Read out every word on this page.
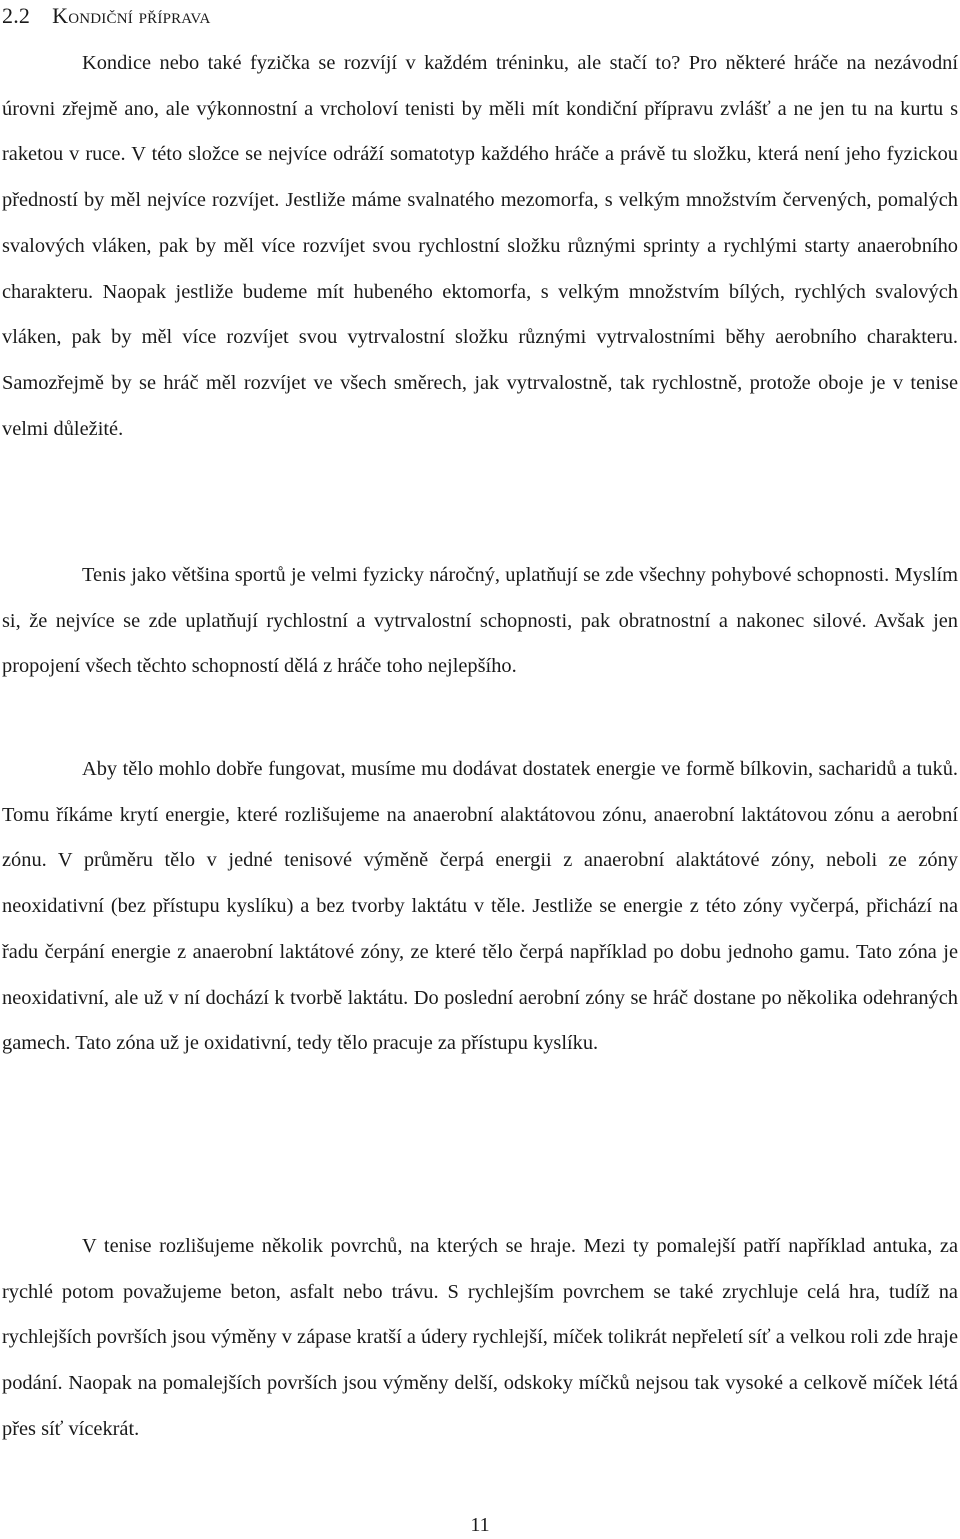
2.2 Kondiční příprava

Kondice nebo také fyzička se rozvíjí v každém tréninku, ale stačí to? Pro některé hráče na nezávodní úrovni zřejmě ano, ale výkonnostní a vrcholoví tenisti by měli mít kondiční přípravu zvlášť a ne jen tu na kurtu s raketou v ruce. V této složce se nejvíce odráží somatotyp každého hráče a právě tu složku, která není jeho fyzickou předností by měl nejvíce rozvíjet. Jestliže máme svalnatého mezomorfa, s velkým množstvím červených, pomalých svalových vláken, pak by měl více rozvíjet svou rychlostní složku různými sprinty a rychlými starty anaerobního charakteru. Naopak jestliže budeme mít hubeného ektomorfa, s velkým množstvím bílých, rychlých svalových vláken, pak by měl více rozvíjet svou vytrvalostní složku různými vytrvalostními běhy aerobního charakteru. Samozřejmě by se hráč měl rozvíjet ve všech směrech, jak vytrvalostně, tak rychlostně, protože oboje je v tenise velmi důležité.

Tenis jako většina sportů je velmi fyzicky náročný, uplatňují se zde všechny pohybové schopnosti. Myslím si, že nejvíce se zde uplatňují rychlostní a vytrvalostní schopnosti, pak obratnostní a nakonec silové. Avšak jen propojení všech těchto schopností dělá z hráče toho nejlepšího.

Aby tělo mohlo dobře fungovat, musíme mu dodávat dostatek energie ve formě bílkovin, sacharidů a tuků. Tomu říkáme krytí energie, které rozlišujeme na anaerobní alaktátovou zónu, anaerobní laktátovou zónu a aerobní zónu. V průměru tělo v jedné tenisové výměně čerpá energii z anaerobní alaktátové zóny, neboli ze zóny neoxidativní (bez přístupu kyslíku) a bez tvorby laktátu v těle. Jestliže se energie z této zóny vyčerpá, přichází na řadu čerpání energie z anaerobní laktátové zóny, ze které tělo čerpá například po dobu jednoho gamu. Tato zóna je neoxidativní, ale už v ní dochází k tvorbě laktátu. Do poslední aerobní zóny se hráč dostane po několika odehraných gamech. Tato zóna už je oxidativní, tedy tělo pracuje za přístupu kyslíku.

V tenise rozlišujeme několik povrchů, na kterých se hraje. Mezi ty pomalejší patří například antuka, za rychlé potom považujeme beton, asfalt nebo trávu. S rychlejším povrchem se také zrychluje celá hra, tudíž na rychlejších površích jsou výměny v zápase kratší a údery rychlejší, míček tolikrát nepřeletí síť a velkou roli zde hraje podání. Naopak na pomalejších površích jsou výměny delší, odskoky míčků nejsou tak vysoké a celkově míček létá přes síť vícekrát.

11
